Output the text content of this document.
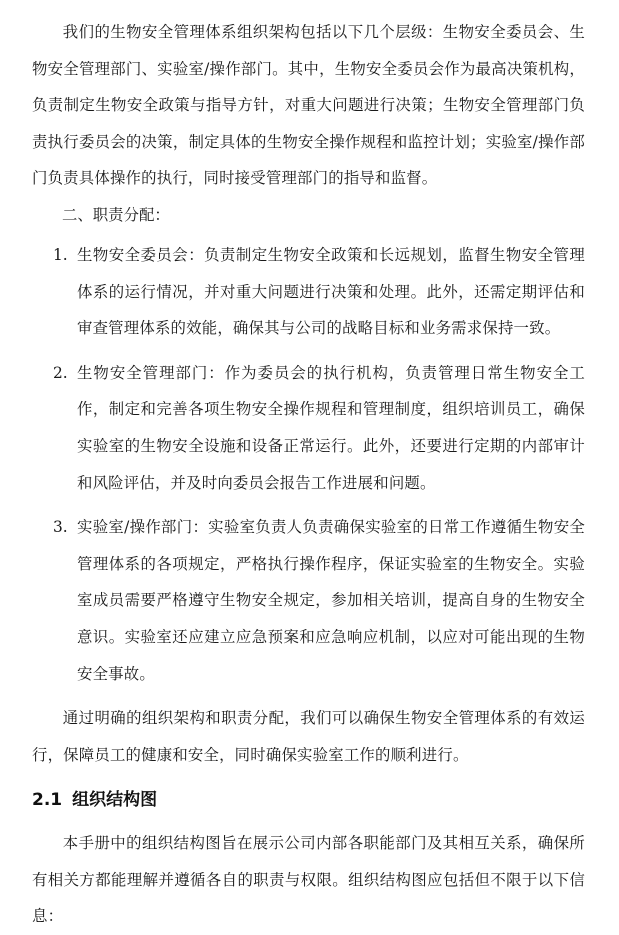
我们的生物安全管理体系组织架构包括以下几个层级：生物安全委员会、生物安全管理部门、实验室/操作部门。其中，生物安全委员会作为最高决策机构，负责制定生物安全政策与指导方针，对重大问题进行决策；生物安全管理部门负责执行委员会的决策，制定具体的生物安全操作规程和监控计划；实验室/操作部门负责具体操作的执行，同时接受管理部门的指导和监督。

二、职责分配：

1. 生物安全委员会：负责制定生物安全政策和长远规划，监督生物安全管理体系的运行情况，并对重大问题进行决策和处理。此外，还需定期评估和审查管理体系的效能，确保其与公司的战略目标和业务需求保持一致。
2. 生物安全管理部门：作为委员会的执行机构，负责管理日常生物安全工作，制定和完善各项生物安全操作规程和管理制度，组织培训员工，确保实验室的生物安全设施和设备正常运行。此外，还要进行定期的内部审计和风险评估，并及时向委员会报告工作进展和问题。
3. 实验室/操作部门：实验室负责人负责确保实验室的日常工作遵循生物安全管理体系的各项规定，严格执行操作程序，保证实验室的生物安全。实验室成员需要严格遵守生物安全规定，参加相关培训，提高自身的生物安全意识。实验室还应建立应急预案和应急响应机制，以应对可能出现的生物安全事故。

通过明确的组织架构和职责分配，我们可以确保生物安全管理体系的有效运行，保障员工的健康和安全，同时确保实验室工作的顺利进行。

2.1 组织结构图

本手册中的组织结构图旨在展示公司内部各职能部门及其相互关系，确保所有相关方都能理解并遵循各自的职责与权限。组织结构图应包括但不限于以下信息：
